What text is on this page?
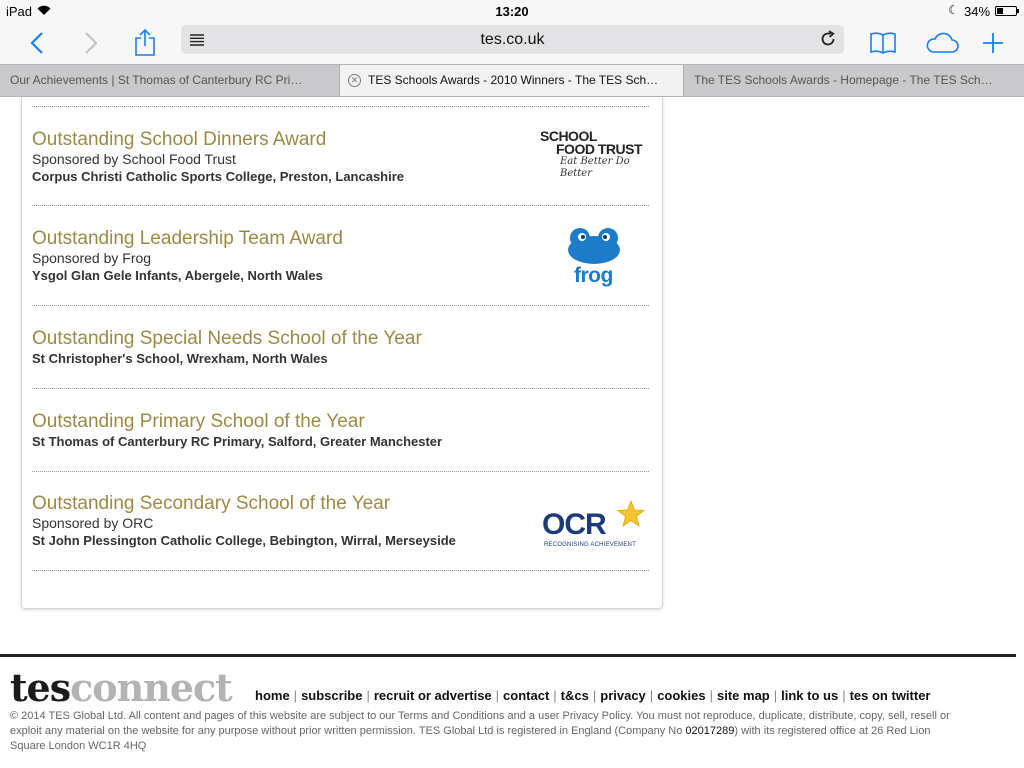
iPad	13:20	☾ 34%
tes.co.uk
Our Achievements | St Thomas of Canterbury RC Pri…	✕ TES Schools Awards - 2010 Winners - The TES Sch…	The TES Schools Awards - Homepage - The TES Sch…
Outstanding School Dinners Award
Sponsored by School Food Trust
Corpus Christi Catholic Sports College, Preston, Lancashire
SCHOOL
FOOD TRUST
Eat Better Do Better
Outstanding Leadership Team Award
Sponsored by Frog
Ysgol Glan Gele Infants, Abergele, North Wales	frog
Outstanding Special Needs School of the Year
St Christopher's School, Wrexham, North Wales
Outstanding Primary School of the Year
St Thomas of Canterbury RC Primary, Salford, Greater Manchester
Outstanding Secondary School of the Year
Sponsored by ORC
St John Plessington Catholic College, Bebington, Wirral, Merseyside	OCR
RECOGNISING ACHIEVEMENT
tesconnect home | subscribe | recruit or advertise | contact | t&cs | privacy | cookies | site map | link to us | tes on twitter
© 2014 TES Global Ltd. All content and pages of this website are subject to our Terms and Conditions and a user Privacy Policy. You must not reproduce, duplicate, distribute, copy, sell, resell or exploit any material on the website for any purpose without prior written permission. TES Global Ltd is registered in England (Company No 02017289) with its registered office at 26 Red Lion Square London WC1R 4HQ
